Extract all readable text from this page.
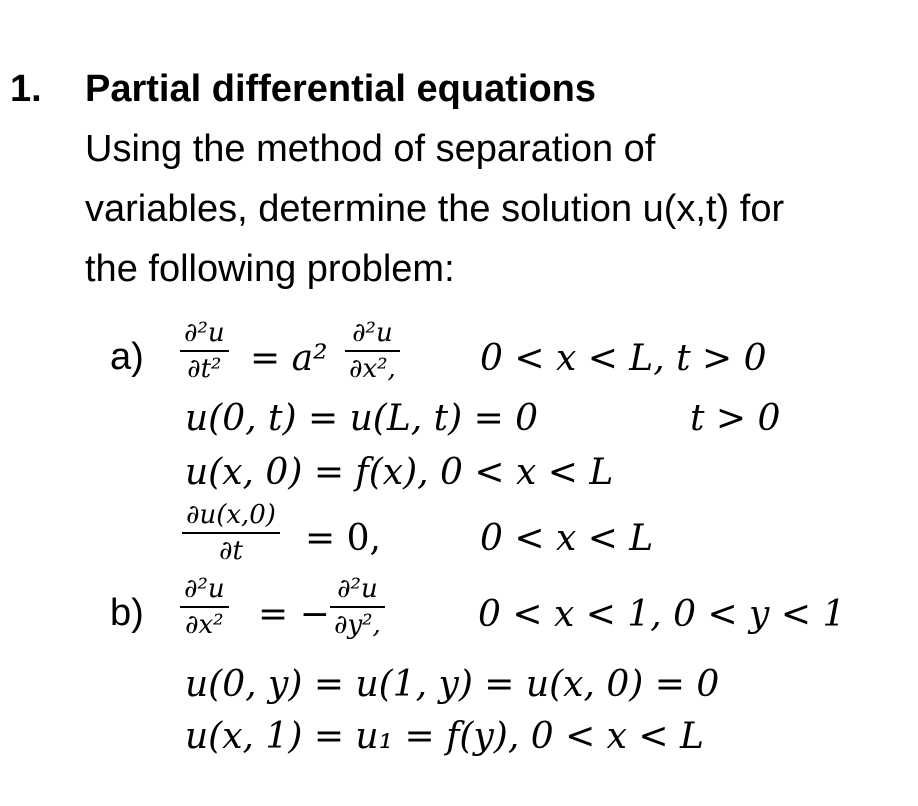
1. Partial differential equations
Using the method of separation of
variables, determine the solution u(x,t) for
the following problem:
a)
∂²u
∂t² = a²
∂²u
∂x², 0 < x < L, t > 0
u(0, t) = u(L, t) = 0	t > 0
u(x, 0) = f(x), 0 < x < L
∂u(x,0)
∂t = 0,	0 < x < L
b)
∂²u
∂x² = −
∂²u
∂y²,	0 < x < 1, 0 < y < 1
u(0, y) = u(1, y) = u(x, 0) = 0
u(x, 1) = u₁ = f(y), 0 < x < L
